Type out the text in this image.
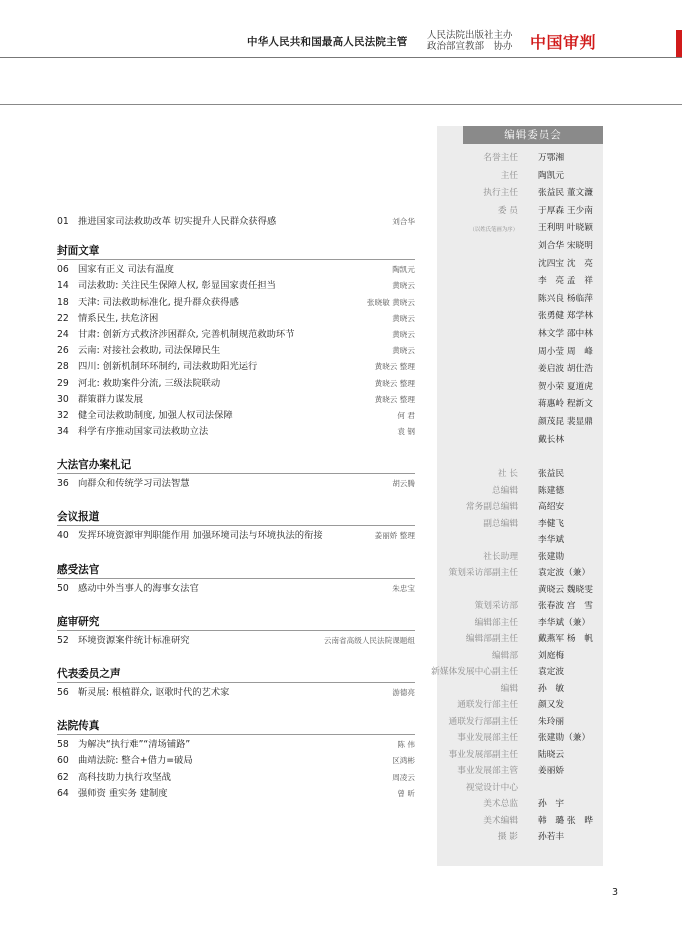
中华人民共和国最高人民法院主管
人民法院出版社主办
政治部宣教部　协办 中国审判
01 推进国家司法救助改革 切实提升人民群众获得感	刘合华
封面文章
06 国家有正义 司法有温度	陶凯元
14 司法救助: 关注民生保障人权, 彰显国家责任担当	黄晓云
18 天津: 司法救助标准化, 提升群众获得感	张晓敏 黄晓云
22 情系民生, 扶危济困	黄晓云
24 甘肃: 创新方式救济涉困群众, 完善机制规范救助环节	黄晓云
26 云南: 对接社会救助, 司法保障民生	黄晓云
28 四川: 创新机制环环制约, 司法救助阳光运行	黄晓云 整理
29 河北: 救助案件分流, 三级法院联动	黄晓云 整理
30 群策群力谋发展	黄晓云 整理
32 健全司法救助制度, 加强人权司法保障	何 君
34 科学有序推动国家司法救助立法	袁 钢
大法官办案札记
36 向群众和传统学习司法智慧	胡云腾
会议报道
40 发挥环境资源审判职能作用 加强环境司法与环境执法的衔接	姜丽娇 整理
感受法官
50 感动中外当事人的海事女法官	朱忠宝
庭审研究
52 环境资源案件统计标准研究	云南省高级人民法院课题组
代表委员之声
56 靳灵展: 根植群众, 讴歌时代的艺术家	游德亮
法院传真
58 为解决“执行难”“清场铺路”	陈 伟
60 曲靖法院: 整合+借力=破局	区鸿彬
62 高科技助力执行攻坚战	周凌云
64 强师资 重实务 建制度	曾 昕
编辑委员会
名誉主任 万鄂湘
主任 陶凯元
执行主任 张益民 董文濂
委 员 于厚森 王少南
（以姓氏笔画为序） 王利明 叶晓颖
刘合华 宋晓明
沈四宝 沈　亮
李　亮 孟　祥
陈兴良 杨临萍
张勇健 郑学林
林文学 邵中林
周小莹 周　峰
姜启波 胡仕浩
贺小荣 夏道虎
蒋惠岭 程新文
颜茂昆 裴显鼎
戴长林
社 长 张益民
总编辑 陈建德
常务副总编辑 高绍安
副总编辑 李健飞
李华斌
社长助理 张建勋
策划采访部副主任 袁定波（兼）
黄晓云 魏晓雯
策划采访部 张春波 宫　雪
编辑部主任 李华斌（兼）
编辑部副主任 戴燕军 杨　帆
编辑部 刘庭梅
新媒体发展中心副主任 袁定波
编辑 孙　敏
通联发行部主任 颜又发
通联发行部副主任 朱玲丽
事业发展部主任 张建勋（兼）
事业发展部副主任 陆晓云
事业发展部主管 姜丽娇
视觉设计中心
美术总监 孙　宇
美术编辑 韩　璐 张　晔
摄 影 孙若丰
3
